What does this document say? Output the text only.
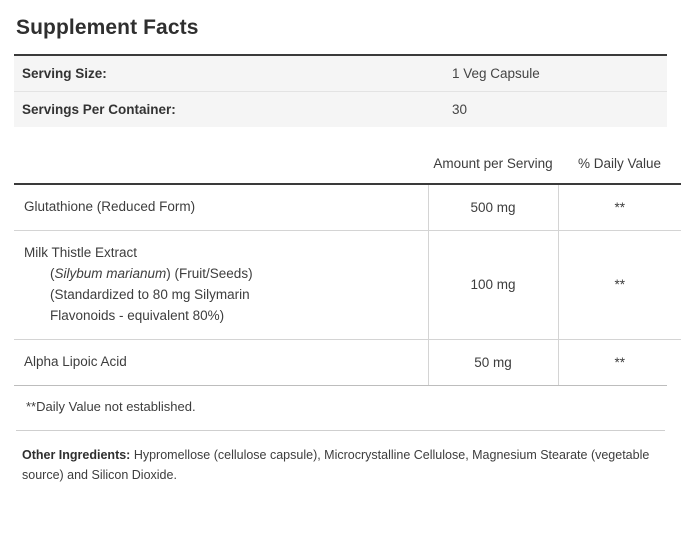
Supplement Facts
Serving Size:	1 Veg Capsule
Servings Per Container:	30
	Amount per Serving	% Daily Value
Glutathione (Reduced Form)	500 mg	**
Milk Thistle Extract
(Silybum marianum) (Fruit/Seeds)
(Standardized to 80 mg Silymarin
Flavonoids - equivalent 80%)	100 mg	**
Alpha Lipoic Acid	50 mg	**
**Daily Value not established.
Other Ingredients: Hypromellose (cellulose capsule), Microcrystalline Cellulose, Magnesium Stearate (vegetable source) and Silicon Dioxide.
